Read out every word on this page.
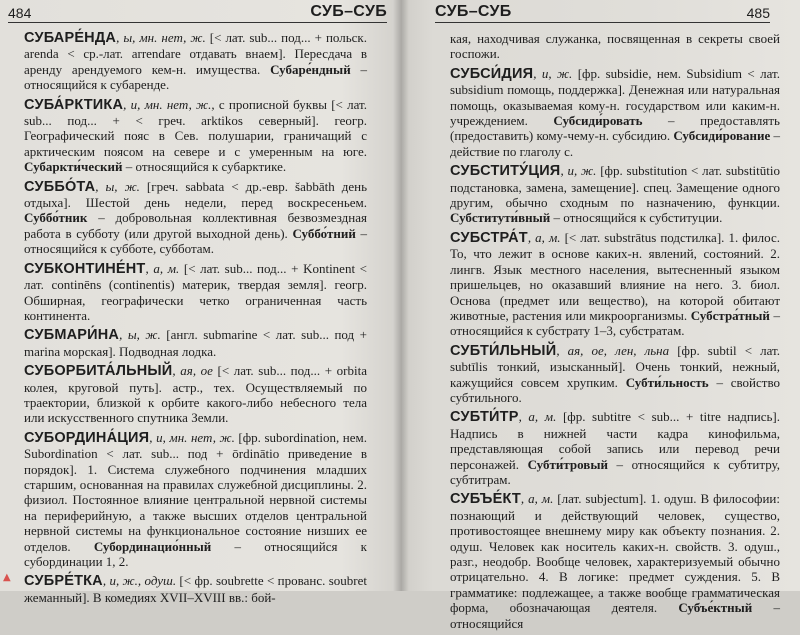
484	СУБ–СУБ

СУБАРЕ́НДА, ы, мн. нет, ж. [< лат. sub... под... + польск. arenda < ср.-лат. arrendare отдавать внаем]. Пересдача в аренду арендуемого кем-н. имущества. Субаре́ндный – относящийся к субаренде.

СУБА́РКТИКА, и, мн. нет, ж., с прописной буквы [< лат. sub... под... + < греч. arktikos северный]. геогр. Географический пояс в Сев. полушарии, граничащий с арктическим поясом на севере и с умеренным на юге. Субаркти́ческий – относящийся к субарктике.

СУББО́ТА, ы, ж. [греч. sabbata < др.-евр. šabbāth день отдыха]. Шестой день недели, перед воскресеньем. Суббо́тник – добровольная коллективная безвозмездная работа в субботу (или другой выходной день). Суббо́тний – относящийся к субботе, субботам.

СУБКОНТИНЕ́НТ, а, м. [< лат. sub... под... + Kontinent < лат. continēns (continentis) материк, твердая земля]. геогр. Обширная, географически четко ограниченная часть континента.

СУБМАРИ́НА, ы, ж. [англ. submarine < лат. sub... под + marina морская]. Подводная лодка.

СУБОРБИТА́ЛЬНЫЙ, ая, ое [< лат. sub... под... + orbita колея, круговой путь]. астр., тех. Осуществляемый по траектории, близкой к орбите какого-либо небесного тела или искусственного спутника Земли.

СУБОРДИНА́ЦИЯ, и, мн. нет, ж. [фр. subordination, нем. Subordination < лат. sub... под + ōrdinātio приведение в порядок]. 1. Система служебного подчинения младших старшим, основанная на правилах служебной дисциплины. 2. физиол. Постоянное влияние центральной нервной системы на периферийную, а также высших отделов центральной нервной системы на функциональное состояние низших ее отделов. Субординацио́нный – относящийся к субординации 1, 2.

СУБРЕ́ТКА, и, ж., одуш. [< фр. soubrette < прованс. soubret жеманный]. В комедиях XVII–XVIII вв.: бой-

▲
СУБ–СУБ	485

кая, находчивая служанка, посвященная в секреты своей госпожи.

СУБСИ́ДИЯ, и, ж. [фр. subsidie, нем. Subsidium < лат. subsidium помощь, поддержка]. Денежная или натуральная помощь, оказываемая кому-н. государством или каким-н. учреждением. Субсиди́ровать – предоставлять (предоставить) кому-чему-н. субсидию. Субсиди́рование – действие по глаголу с.

СУБСТИТУ́ЦИЯ, и, ж. [фр. substitution < лат. substitūtio подстановка, замена, замещение]. спец. Замещение одного другим, обычно сходным по назначению, функции. Субститути́вный – относящийся к субституции.

СУБСТРА́Т, а, м. [< лат. substrātus подстилка]. 1. филос. То, что лежит в основе каких-н. явлений, состояний. 2. лингв. Язык местного населения, вытесненный языком пришельцев, но оказавший влияние на него. 3. биол. Основа (предмет или вещество), на которой обитают животные, растения или микроорганизмы. Субстра́тный – относящийся к субстрату 1–3, субстратам.

СУБТИ́ЛЬНЫЙ, ая, ое, лен, льна [фр. subtil < лат. subtīlis тонкий, изысканный]. Очень тонкий, нежный, кажущийся совсем хрупким. Субти́льность – свойство субтильного.

СУБТИ́ТР, а, м. [фр. subtitre < sub... + titre надпись]. Надпись в нижней части кадра кинофильма, представляющая собой запись или перевод речи персонажей. Субти́тровый – относящийся к субтитру, субтитрам.

СУБЪЕ́КТ, а, м. [лат. subjectum]. 1. одуш. В философии: познающий и действующий человек, существо, противостоящее внешнему миру как объекту познания. 2. одуш. Человек как носитель каких-н. свойств. 3. одуш., разг., неодобр. Вообще человек, характеризуемый обычно отрицательно. 4. В логике: предмет суждения. 5. В грамматике: подлежащее, а также вообще грамматическая форма, обозначающая деятеля. Субъе́ктный – относящийся
